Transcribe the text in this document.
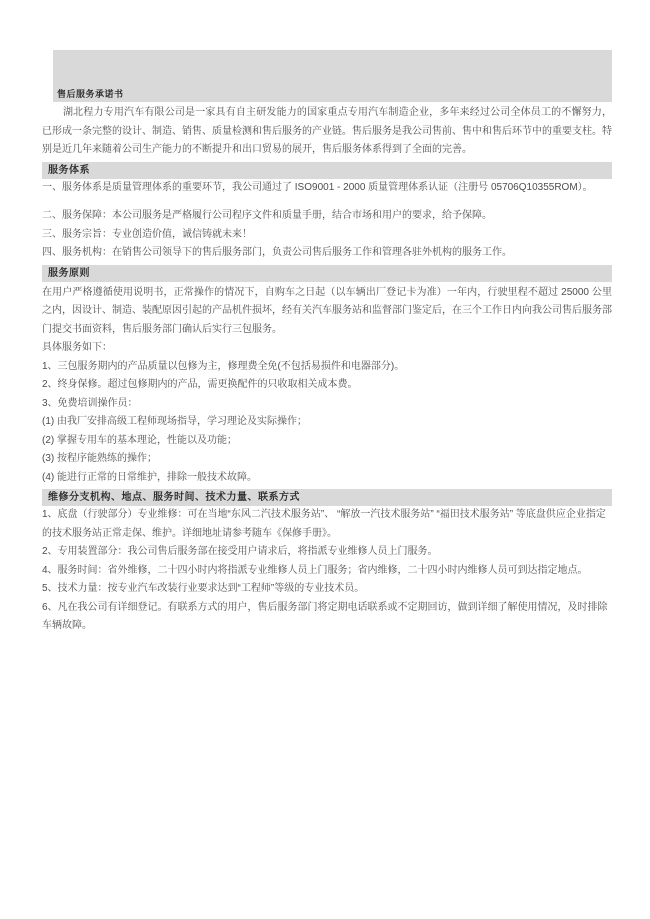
售后服务承诺书
湖北程力专用汽车有限公司是一家具有自主研发能力的国家重点专用汽车制造企业，多年来经过公司全体员工的不懈努力，已形成一条完整的设计、制造、销售、质量检测和售后服务的产业链。售后服务是我公司售前、售中和售后环节中的重要支柱。特别是近几年来随着公司生产能力的不断提升和出口贸易的展开，售后服务体系得到了全面的完善。
服务体系
一、服务体系是质量管理体系的重要环节，我公司通过了 ISO9001 - 2000 质量管理体系认证（注册号 05706Q10355ROM）。
二、服务保障：本公司服务是严格履行公司程序文件和质量手册，结合市场和用户的要求，给予保障。
三、服务宗旨：专业创造价值，诚信铸就未来！
四、服务机构：在销售公司领导下的售后服务部门，负责公司售后服务工作和管理各驻外机构的服务工作。
服务原则
在用户严格遵循使用说明书，正常操作的情况下，自购车之日起（以车辆出厂登记卡为准）一年内，行驶里程不超过 25000 公里之内，因设计、制造、装配原因引起的产品机件损坏，经有关汽车服务站和监督部门鉴定后，在三个工作日内向我公司售后服务部门提交书面资料，售后服务部门确认后实行三包服务。
具体服务如下：
1、三包服务期内的产品质量以包修为主，修理费全免(不包括易损件和电器部分)。
2、终身保修。超过包修期内的产品，需更换配件的只收取相关成本费。
3、免费培训操作员：
(1) 由我厂安排高级工程师现场指导，学习理论及实际操作；
(2) 掌握专用车的基本理论，性能以及功能；
(3) 按程序能熟练的操作；
(4) 能进行正常的日常维护，排除一般技术故障。
维修分支机构、地点、服务时间、技术力量、联系方式
1、底盘（行驶部分）专业维修：可在当地“东风二汽技术服务站”、 “解放一汽技术服务站” “福田技术服务站” 等底盘供应企业指定的技术服务站正常走保、维护。详细地址请参考随车《保修手册》。
2、专用装置部分：我公司售后服务部在接受用户请求后，将指派专业维修人员上门服务。
4、服务时间：省外维修，二十四小时内将指派专业维修人员上门服务；省内维修，二十四小时内维修人员可到达指定地点。
5、技术力量：按专业汽车改装行业要求达到“工程师”等级的专业技术员。
6、凡在我公司有详细登记。有联系方式的用户，售后服务部门将定期电话联系或不定期回访，做到详细了解使用情况，及时排除车辆故障。
